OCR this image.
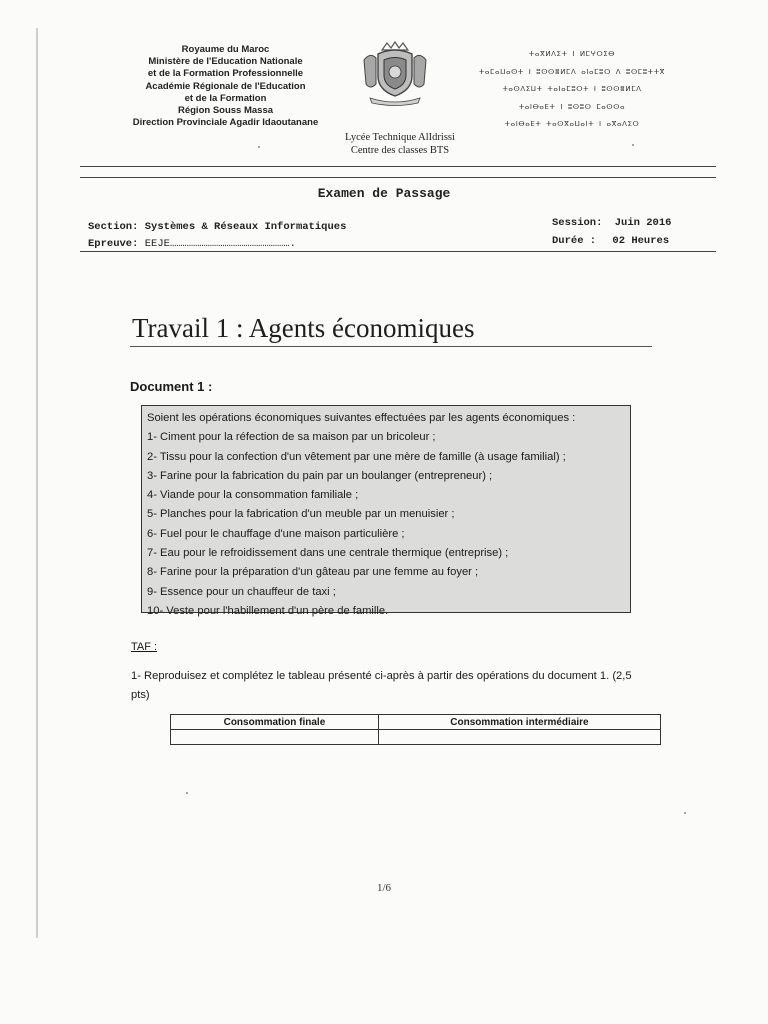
Royaume du Maroc
Ministère de l'Education Nationale
et de la Formation Professionnelle
Académie Régionale de l'Education
et de la Formation
Région Souss Massa
Direction Provinciale Agadir Idaoutanane
ⵜⴰⴳⵍⴷⵉⵜ ⵏ ⵍⵎⵖⵔⵉⴱ
ⵜⴰⵎⴰⵡⴰⵙⵜ ⵏ ⵓⵙⵙⴻⵍⵎⴷ ⴰⵏⴰⵎⵓⵔ ⴷ ⵓⵙⵎⵓⵜⵜⴳ
ⵜⴰⵙⴷⵉⵡⵜ ⵜⴰⵏⴰⵎⵓⵔⵜ ⵏ ⵓⵙⵙⴻⵍⵎⴷ
ⵜⴰⵏⴱⴰⴹⵜ ⵏ ⵓⵙⵓⵙ ⵎⴰⵙⵙⴰ
ⵜⴰⵏⴱⴰⴹⵜ ⵜⴰⵙⴳⴰⵡⴰⵏⵜ ⵏ ⴰⴳⴰⴷⵉⵔ
Lycée Technique AlIdrissi
Centre des classes BTS
Examen de Passage
Section: Systèmes & Réseaux Informatiques
Epreuve: EEJE………………………………………………….
Session: Juin 2016
Durée : 02 Heures
Travail 1 : Agents économiques
Document 1 :
Soient les opérations économiques suivantes effectuées par les agents économiques :
1- Ciment pour la réfection de sa maison par un bricoleur ;
2- Tissu pour la confection d'un vêtement par une mère de famille (à usage familial) ;
3- Farine pour la fabrication du pain par un boulanger (entrepreneur) ;
4- Viande pour la consommation familiale ;
5- Planches pour la fabrication d'un meuble par un menuisier ;
6- Fuel pour le chauffage d'une maison particulière ;
7- Eau pour le refroidissement dans une centrale thermique (entreprise) ;
8- Farine pour la préparation d'un gâteau par une femme au foyer ;
9- Essence pour un chauffeur de taxi ;
10- Veste pour l'habillement d'un père de famille.
TAF :
1- Reproduisez et complétez le tableau présenté ci-après à partir des opérations du document 1. (2,5 pts)
Consommation finale	Consommation intermédiaire

1/6
